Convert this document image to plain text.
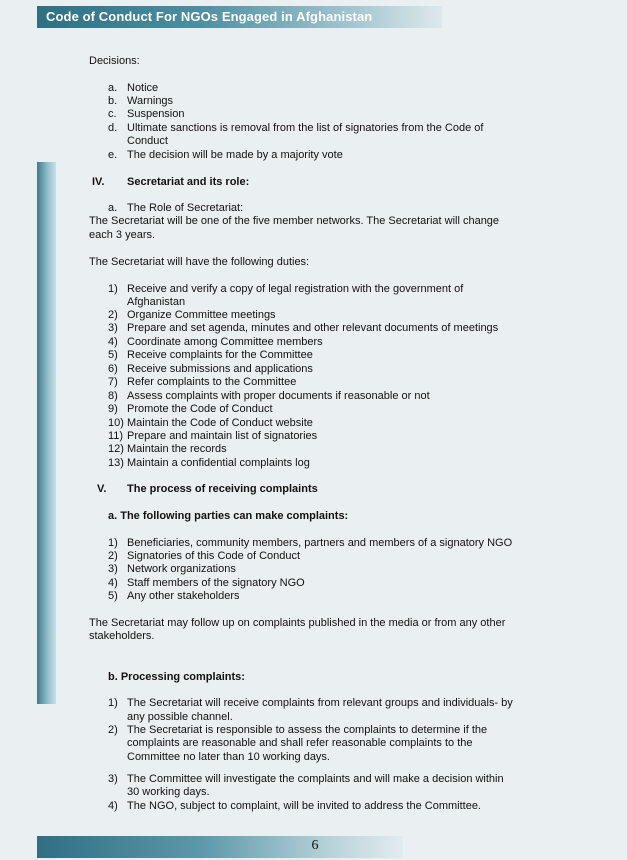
Code of Conduct For NGOs Engaged in Afghanistan
Decisions:
a. Notice
b. Warnings
c. Suspension
d. Ultimate sanctions is removal from the list of signatories from the Code of
Conduct
e. The decision will be made by a majority vote
IV. Secretariat and its role:
a. The Role of Secretariat:
The Secretariat will be one of the five member networks. The Secretariat will change
each 3 years.
The Secretariat will have the following duties:
1) Receive and verify a copy of legal registration with the government of
Afghanistan
2) Organize Committee meetings
3) Prepare and set agenda, minutes and other relevant documents of meetings
4) Coordinate among Committee members
5) Receive complaints for the Committee
6) Receive submissions and applications
7) Refer complaints to the Committee
8) Assess complaints with proper documents if reasonable or not
9) Promote the Code of Conduct
10) Maintain the Code of Conduct website
11) Prepare and maintain list of signatories
12) Maintain the records
13) Maintain a confidential complaints log
V. The process of receiving complaints
a. The following parties can make complaints:
1) Beneficiaries, community members, partners and members of a signatory NGO
2) Signatories of this Code of Conduct
3) Network organizations
4) Staff members of the signatory NGO
5) Any other stakeholders
The Secretariat may follow up on complaints published in the media or from any other
stakeholders.
b. Processing complaints:
1) The Secretariat will receive complaints from relevant groups and individuals- by
any possible channel.
2) The Secretariat is responsible to assess the complaints to determine if the
complaints are reasonable and shall refer reasonable complaints to the
Committee no later than 10 working days.
3) The Committee will investigate the complaints and will make a decision within
30 working days.
4) The NGO, subject to complaint, will be invited to address the Committee.
6
